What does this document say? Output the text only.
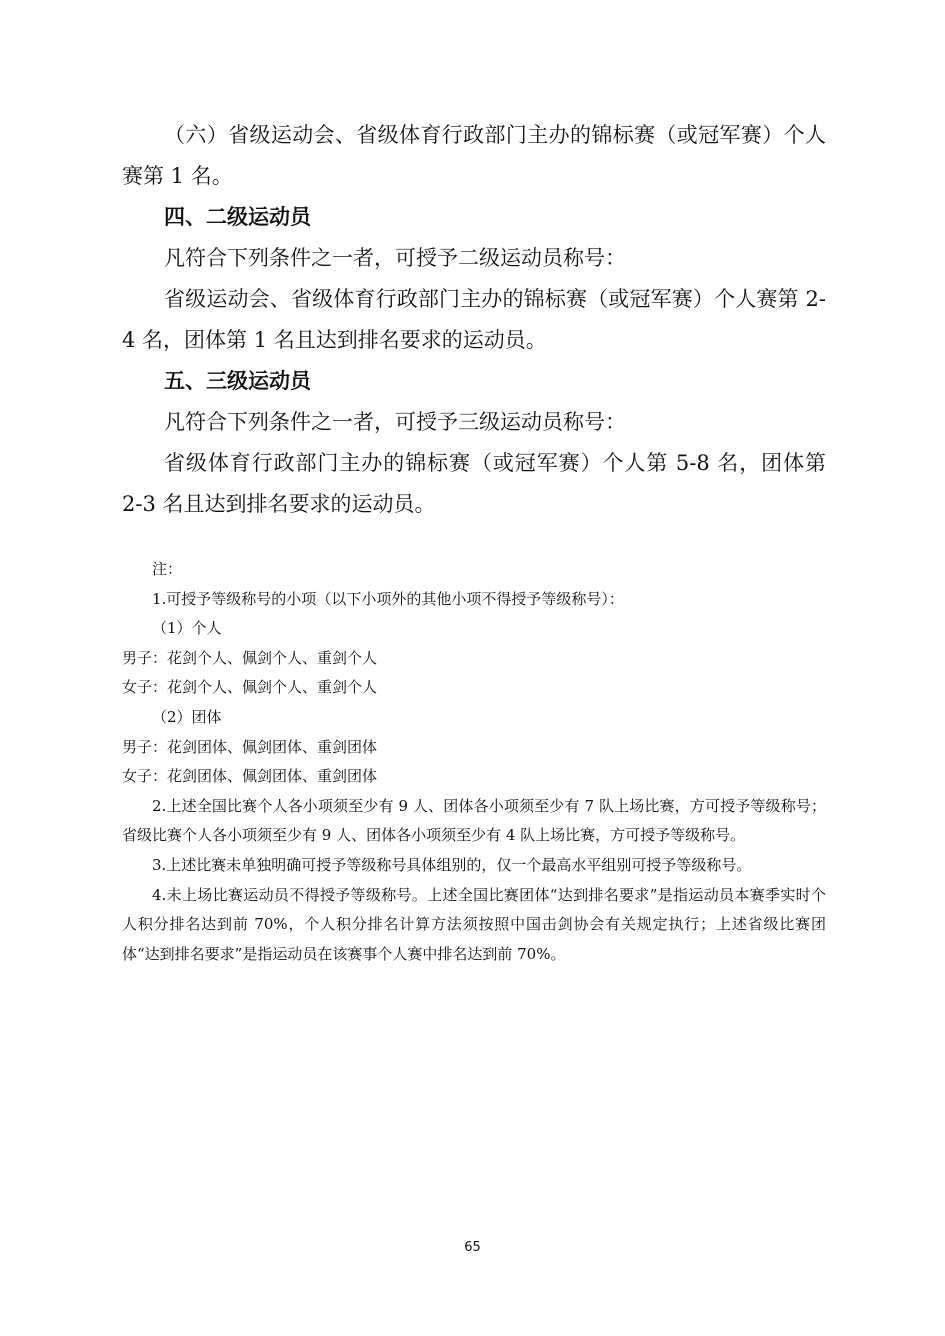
（六）省级运动会、省级体育行政部门主办的锦标赛（或冠军赛）个人赛第 1 名。

四、二级运动员

凡符合下列条件之一者，可授予二级运动员称号：

省级运动会、省级体育行政部门主办的锦标赛（或冠军赛）个人赛第 2-4 名，团体第 1 名且达到排名要求的运动员。

五、三级运动员

凡符合下列条件之一者，可授予三级运动员称号：

省级体育行政部门主办的锦标赛（或冠军赛）个人第 5-8 名，团体第 2-3 名且达到排名要求的运动员。

注：

1.可授予等级称号的小项（以下小项外的其他小项不得授予等级称号）：

（1）个人

男子：花剑个人、佩剑个人、重剑个人

女子：花剑个人、佩剑个人、重剑个人

（2）团体

男子：花剑团体、佩剑团体、重剑团体

女子：花剑团体、佩剑团体、重剑团体

2.上述全国比赛个人各小项须至少有 9 人、团体各小项须至少有 7 队上场比赛，方可授予等级称号；省级比赛个人各小项须至少有 9 人、团体各小项须至少有 4 队上场比赛，方可授予等级称号。

3.上述比赛未单独明确可授予等级称号具体组别的，仅一个最高水平组别可授予等级称号。

4.未上场比赛运动员不得授予等级称号。上述全国比赛团体“达到排名要求”是指运动员本赛季实时个人积分排名达到前 70%，个人积分排名计算方法须按照中国击剑协会有关规定执行；上述省级比赛团体“达到排名要求”是指运动员在该赛事个人赛中排名达到前 70%。

65
